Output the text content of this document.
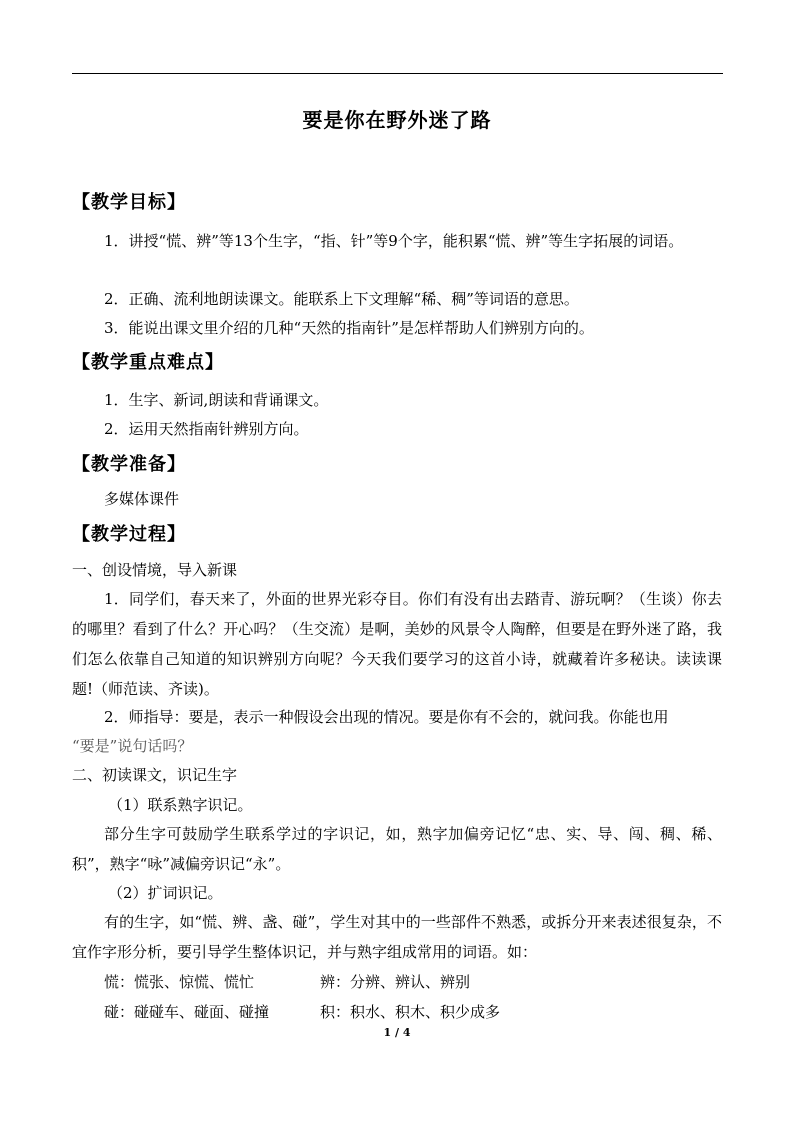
要是你在野外迷了路
【教学目标】
1．讲授“慌、辨”等13个生字，“指、针”等9个字，能积累“慌、辨”等生字拓展的词语。
2．正确、流利地朗读课文。能联系上下文理解“稀、稠”等词语的意思。
3．能说出课文里介绍的几种“天然的指南针”是怎样帮助人们辨别方向的。
【教学重点难点】
1．生字、新词,朗读和背诵课文。
2．运用天然指南针辨别方向。
【教学准备】
多媒体课件
【教学过程】
一、创设情境，导入新课
1．同学们，春天来了，外面的世界光彩夺目。你们有没有出去踏青、游玩啊？（生谈）你去的哪里？看到了什么？开心吗？（生交流）是啊，美妙的风景令人陶醉，但要是在野外迷了路，我们怎么依靠自己知道的知识辨别方向呢？今天我们要学习的这首小诗，就藏着许多秘诀。读读课题!（师范读、齐读)。
2．师指导：要是，表示一种假设会出现的情况。要是你有不会的，就问我。你能也用
“要是”说句话吗？
二、初读课文，识记生字
（1）联系熟字识记。
部分生字可鼓励学生联系学过的字识记，如，熟字加偏旁记忆“忠、实、导、闯、稠、稀、积”，熟字“咏”减偏旁识记“永”。
（2）扩词识记。
有的生字，如“慌、辨、盏、碰”，学生对其中的一些部件不熟悉，或拆分开来表述很复杂，不宜作字形分析，要引导学生整体识记，并与熟字组成常用的词语。如：
慌：慌张、惊慌、慌忙	辨：分辨、辨认、辨别
碰：碰碰车、碰面、碰撞	积：积水、积木、积少成多
1 / 4
